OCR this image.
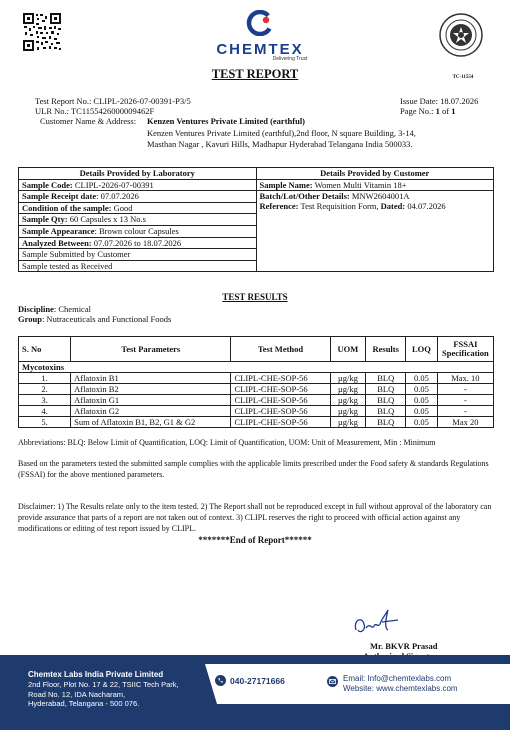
CHEMTEX
Delivering Trust
TEST REPORT	TC-11554
Test Report No.: CLIPL-2026-07-00391-P3/5
ULR No.: TC1155426000009462F
Issue Date: 18.07.2026
Page No.: 1 of 1
Customer Name & Address: Kenzen Ventures Private Limited (earthful)
Kenzen Ventures Private Limited (earthful),2nd floor, N square Building, 3-14,
Masthan Nagar , Kavuri Hills, Madhapur Hyderabad Telangana India 500033.
Details Provided by Laboratory	Details Provided by Customer
Sample Code: CLIPL-2026-07-00391	Sample Name: Women Multi Vitamin 18+
Sample Receipt date: 07.07.2026	Batch/Lot/Other Details: MNW2604001A
Reference: Test Requisition Form, Dated: 04.07.2026

Condition of the sample: Good	
Sample Qty: 60 Capsules x 13 No.s	
Sample Appearance: Brown colour Capsules	
Analyzed Between: 07.07.2026 to 18.07.2026	
Sample Submitted by Customer	
Sample tested as Received	
TEST RESULTS
Discipline: Chemical
Group: Nutraceuticals and Functional Foods
S. No	Test Parameters	Test Method	UOM	Results	LOQ	FSSAI Specification
Mycotoxins						
1.	Aflatoxin B1	CLIPL-CHE-SOP-56	µg/kg	BLQ	0.05	Max. 10
2.	Aflatoxin B2	CLIPL-CHE-SOP-56	µg/kg	BLQ	0.05	-
3.	Aflatoxin G1	CLIPL-CHE-SOP-56	µg/kg	BLQ	0.05	-
4.	Aflatoxin G2	CLIPL-CHE-SOP-56	µg/kg	BLQ	0.05	-
5.	Sum of Aflatoxin B1, B2, G1 & G2	CLIPL-CHE-SOP-56	µg/kg	BLQ	0.05	Max 20
Abbreviations: BLQ: Below Limit of Quantification, LOQ: Limit of Quantification, UOM: Unit of Measurement, Min : Minimum
Based on the parameters tested the submitted sample complies with the applicable limits prescribed under the Food safety & standards Regulations (FSSAI) for the above mentioned parameters.
Disclaimer: 1) The Results relate only to the item tested. 2) The Report shall not be reproduced except in full without approval of the laboratory can provide assurance that parts of a report are not taken out of context. 3) CLIPL reserves the right to proceed with official action against any modifications or editing of test report issued by CLIPL.
*******End of Report******
Mr. BKVR Prasad
Chemtex Labs India Private Limited
2nd Floor, Plot No. 17 & 22, TSIIC Tech Park,
Road No. 12, IDA Nacharam,
Hyderabad, Telangana - 500 076.
040-27171666	Email: Info@chemtexlabs.com
Website: www.chemtexlabs.com
